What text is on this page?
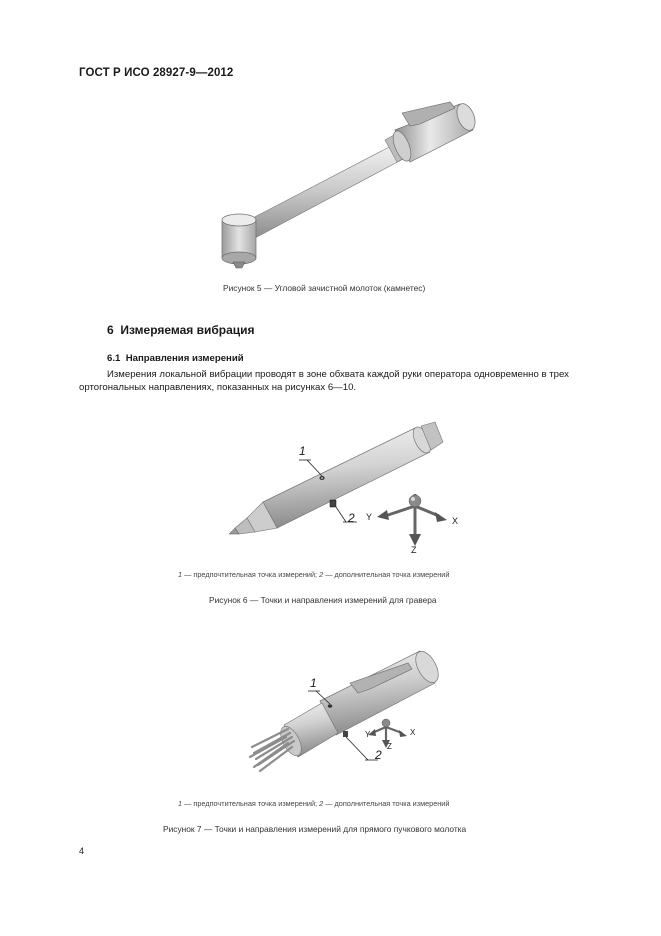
ГОСТ Р ИСО 28927-9—2012
Рисунок 5 — Угловой зачистной молоток (камнетес)
6 Измеряемая вибрация
6.1 Направления измерений
Измерения локальной вибрации проводят в зоне обхвата каждой руки оператора одновременно в трех ортогональных направлениях, показанных на рисунках 6—10.
1
2 Y	X
Z
1 — предпочтительная точка измерений; 2 — дополнительная точка измерений
Рисунок 6 — Точки и направления измерений для гравера
1
2
Y	X
Z
1 — предпочтительная точка измерений; 2 — дополнительная точка измерений
Рисунок 7 — Точки и направления измерений для прямого пучкового молотка
4
